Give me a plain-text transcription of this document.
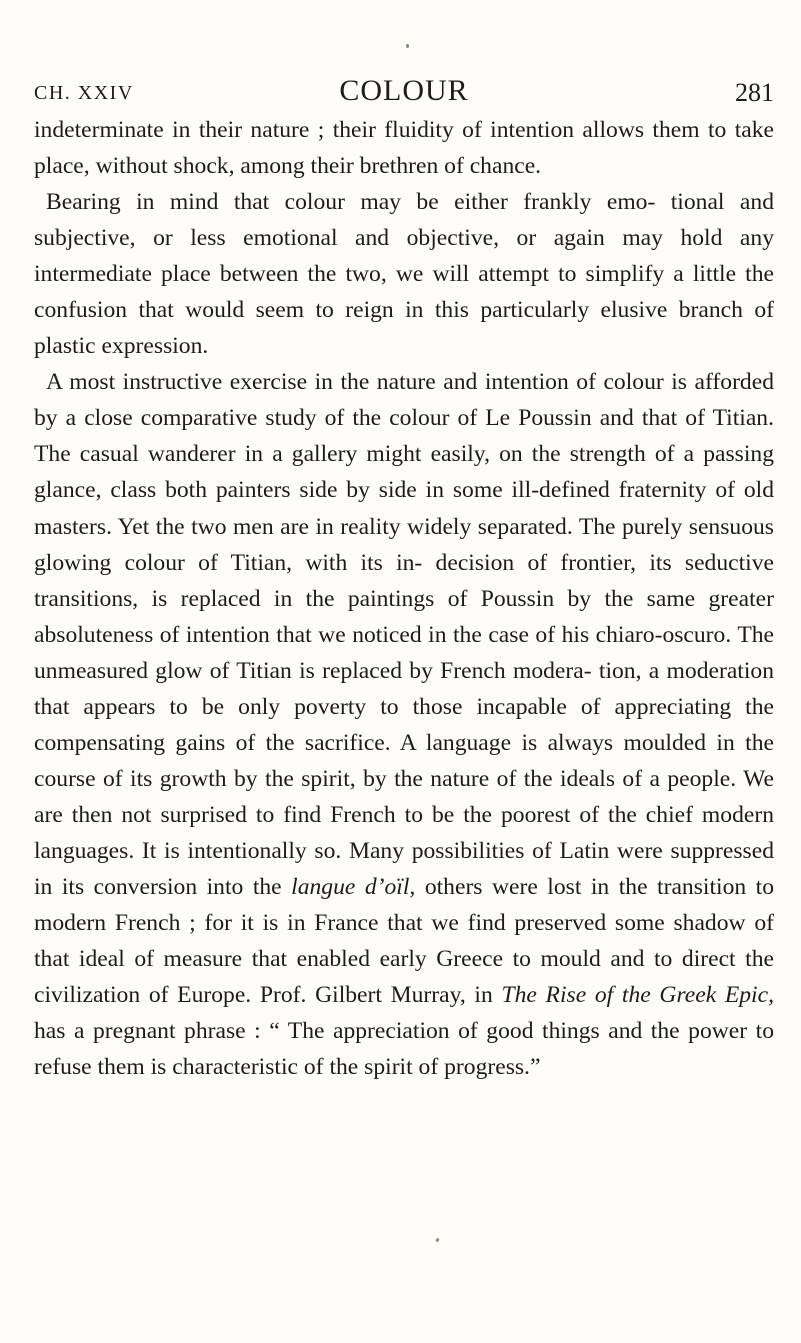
CH. XXIV	COLOUR	281

indeterminate in their nature ; their fluidity of intention allows them to take place, without shock, among their brethren of chance.

Bearing in mind that colour may be either frankly emo- tional and subjective, or less emotional and objective, or again may hold any intermediate place between the two, we will attempt to simplify a little the confusion that would seem to reign in this particularly elusive branch of plastic expression.

A most instructive exercise in the nature and intention of colour is afforded by a close comparative study of the colour of Le Poussin and that of Titian. The casual wanderer in a gallery might easily, on the strength of a passing glance, class both painters side by side in some ill-defined fraternity of old masters. Yet the two men are in reality widely separated. The purely sensuous glowing colour of Titian, with its in- decision of frontier, its seductive transitions, is replaced in the paintings of Poussin by the same greater absoluteness of intention that we noticed in the case of his chiaro-oscuro. The unmeasured glow of Titian is replaced by French modera- tion, a moderation that appears to be only poverty to those incapable of appreciating the compensating gains of the sacrifice. A language is always moulded in the course of its growth by the spirit, by the nature of the ideals of a people. We are then not surprised to find French to be the poorest of the chief modern languages. It is intentionally so. Many possibilities of Latin were suppressed in its conversion into the langue d’oïl, others were lost in the transition to modern French ; for it is in France that we find preserved some shadow of that ideal of measure that enabled early Greece to mould and to direct the civilization of Europe. Prof. Gilbert Murray, in The Rise of the Greek Epic, has a pregnant phrase : “ The appreciation of good things and the power to refuse them is characteristic of the spirit of progress.”
